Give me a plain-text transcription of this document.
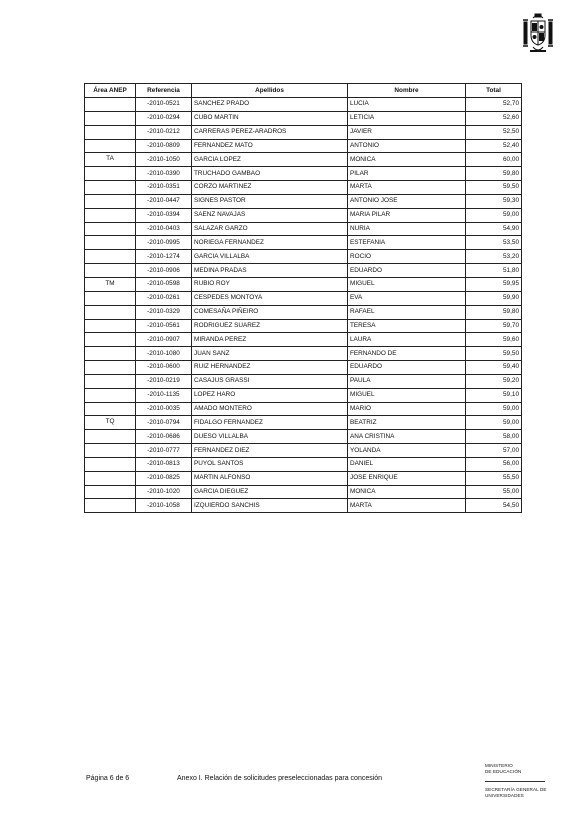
Área ANEP	Referencia	Apellidos	Nombre	Total
	-2010-0521	SANCHEZ PRADO	LUCIA	52,70
	-2010-0294	CUBO MARTIN	LETICIA	52,60
	-2010-0212	CARRERAS PEREZ-ARADROS	JAVIER	52,50
	-2010-0809	FERNANDEZ MATO	ANTONIO	52,40
TA	-2010-1050	GARCIA LOPEZ	MONICA	60,00
	-2010-0390	TRUCHADO GAMBAO	PILAR	59,80
	-2010-0351	CORZO MARTINEZ	MARTA	59,50
	-2010-0447	SIGNES PASTOR	ANTONIO JOSE	59,30
	-2010-0394	SAENZ NAVAJAS	MARIA PILAR	59,00
	-2010-0403	SALAZAR GARZO	NURIA	54,90
	-2010-0995	NORIEGA FERNANDEZ	ESTEFANIA	53,50
	-2010-1274	GARCIA VILLALBA	ROCIO	53,20
	-2010-0906	MEDINA PRADAS	EDUARDO	51,80
TM	-2010-0598	RUBIO ROY	MIGUEL	59,95
	-2010-0261	CESPEDES MONTOYA	EVA	59,90
	-2010-0329	COMESAÑA PIÑEIRO	RAFAEL	59,80
	-2010-0561	RODRIGUEZ SUAREZ	TERESA	59,70
	-2010-0907	MIRANDA PEREZ	LAURA	59,60
	-2010-1080	JUAN SANZ	FERNANDO DE	59,50
	-2010-0600	RUIZ HERNANDEZ	EDUARDO	59,40
	-2010-0219	CASAJUS GRASSI	PAULA	59,20
	-2010-1135	LOPEZ HARO	MIGUEL	59,10
	-2010-0035	AMADO MONTERO	MARIO	59,00
TQ	-2010-0794	FIDALGO FERNANDEZ	BEATRIZ	59,00
	-2010-0686	DUESO VILLALBA	ANA CRISTINA	58,00
	-2010-0777	FERNANDEZ DIEZ	YOLANDA	57,00
	-2010-0813	PUYOL SANTOS	DANIEL	56,00
	-2010-0825	MARTIN ALFONSO	JOSE ENRIQUE	55,50
	-2010-1020	GARCIA DIEGUEZ	MONICA	55,00
	-2010-1058	IZQUIERDO SANCHIS	MARTA	54,50
Página 6 de 6	Anexo I. Relación de solicitudes preseleccionadas para concesión
MINISTERIO
DE EDUCACIÓN
SECRETARÍA GENERAL DE
UNIVERSIDADES
